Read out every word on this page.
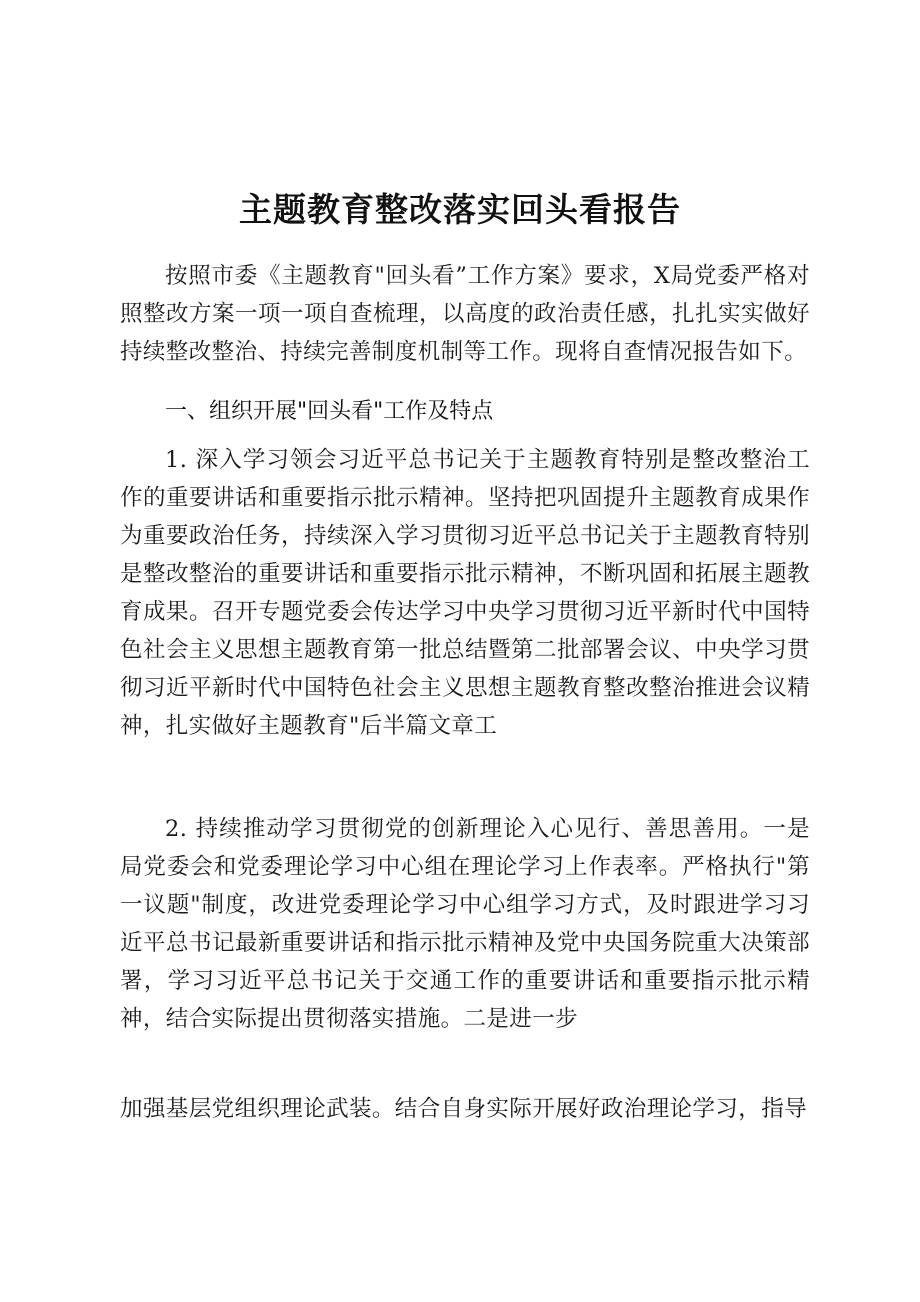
主题教育整改落实回头看报告

按照市委《主题教育"回头看”工作方案》要求，X局党委严格对照整改方案一项一项自查梳理，以高度的政治责任感，扎扎实实做好持续整改整治、持续完善制度机制等工作。现将自查情况报告如下。

一、组织开展"回头看"工作及特点

1. 深入学习领会习近平总书记关于主题教育特别是整改整治工作的重要讲话和重要指示批示精神。坚持把巩固提升主题教育成果作为重要政治任务，持续深入学习贯彻习近平总书记关于主题教育特别是整改整治的重要讲话和重要指示批示精神，不断巩固和拓展主题教育成果。召开专题党委会传达学习中央学习贯彻习近平新时代中国特色社会主义思想主题教育第一批总结暨第二批部署会议、中央学习贯彻习近平新时代中国特色社会主义思想主题教育整改整治推进会议精神，扎实做好主题教育"后半篇文章工

2. 持续推动学习贯彻党的创新理论入心见行、善思善用。一是局党委会和党委理论学习中心组在理论学习上作表率。严格执行"第一议题"制度，改进党委理论学习中心组学习方式，及时跟进学习习近平总书记最新重要讲话和指示批示精神及党中央国务院重大决策部署，学习习近平总书记关于交通工作的重要讲话和重要指示批示精神，结合实际提出贯彻落实措施。二是进一步

加强基层党组织理论武装。结合自身实际开展好政治理论学习，指导
